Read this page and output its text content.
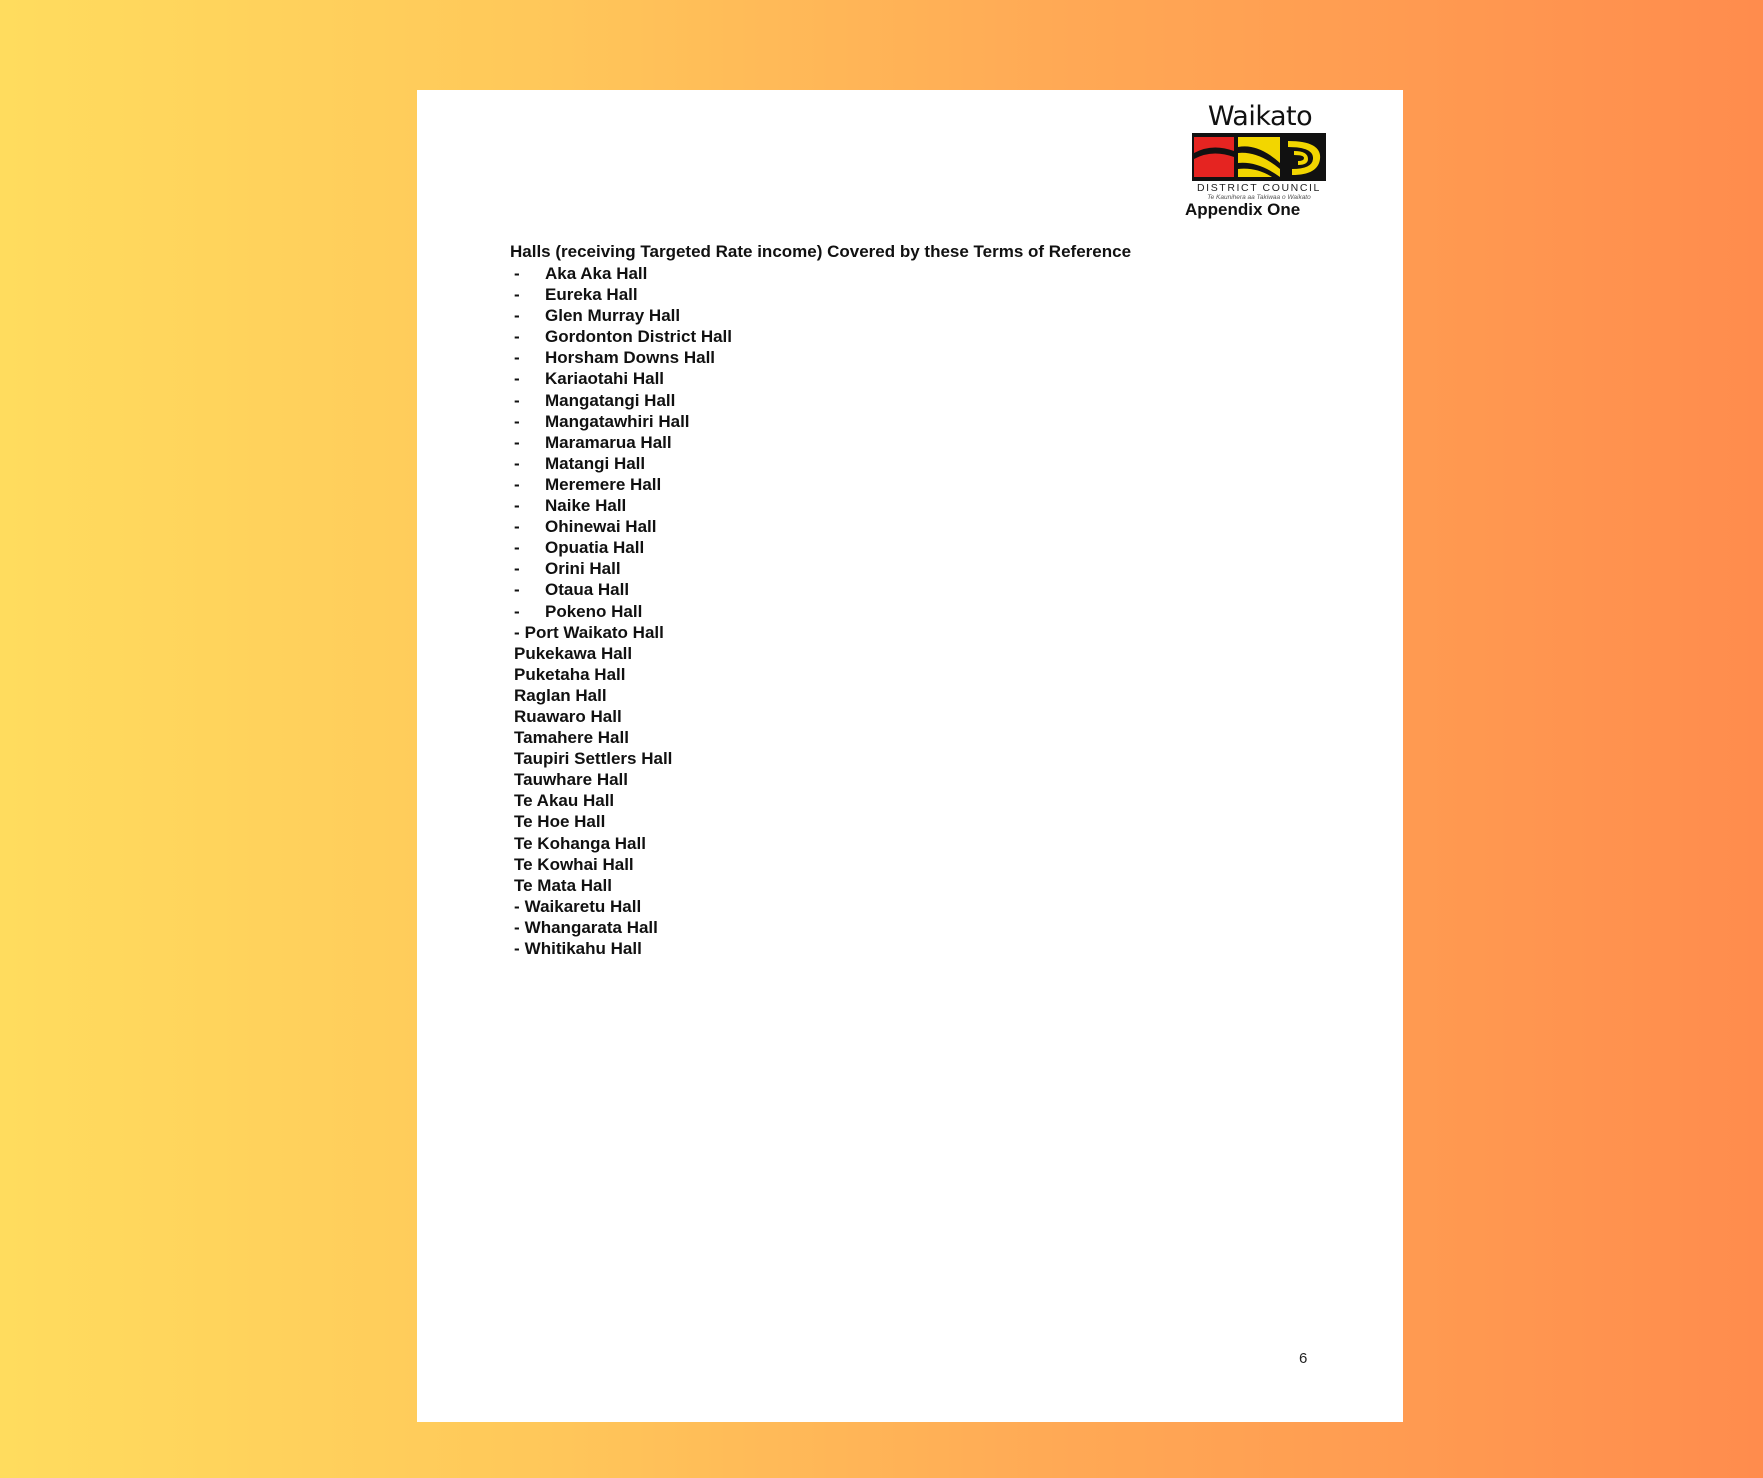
Waikato
DISTRICT COUNCIL
Te Kaunihera aa Takiwaa o Waikato
Appendix One
Halls (receiving Targeted Rate income) Covered by these Terms of Reference
- Aka Aka Hall
- Eureka Hall
- Glen Murray Hall
- Gordonton District Hall
- Horsham Downs Hall
- Kariaotahi Hall
- Mangatangi Hall
- Mangatawhiri Hall
- Maramarua Hall
- Matangi Hall
- Meremere Hall
- Naike Hall
- Ohinewai Hall
- Opuatia Hall
- Orini Hall
- Otaua Hall
- Pokeno Hall
- Port Waikato Hall
Pukekawa Hall
Puketaha Hall
Raglan Hall
Ruawaro Hall
Tamahere Hall
Taupiri Settlers Hall
Tauwhare Hall
Te Akau Hall
Te Hoe Hall
Te Kohanga Hall
Te Kowhai Hall
Te Mata Hall
- Waikaretu Hall
- Whangarata Hall
- Whitikahu Hall
6
